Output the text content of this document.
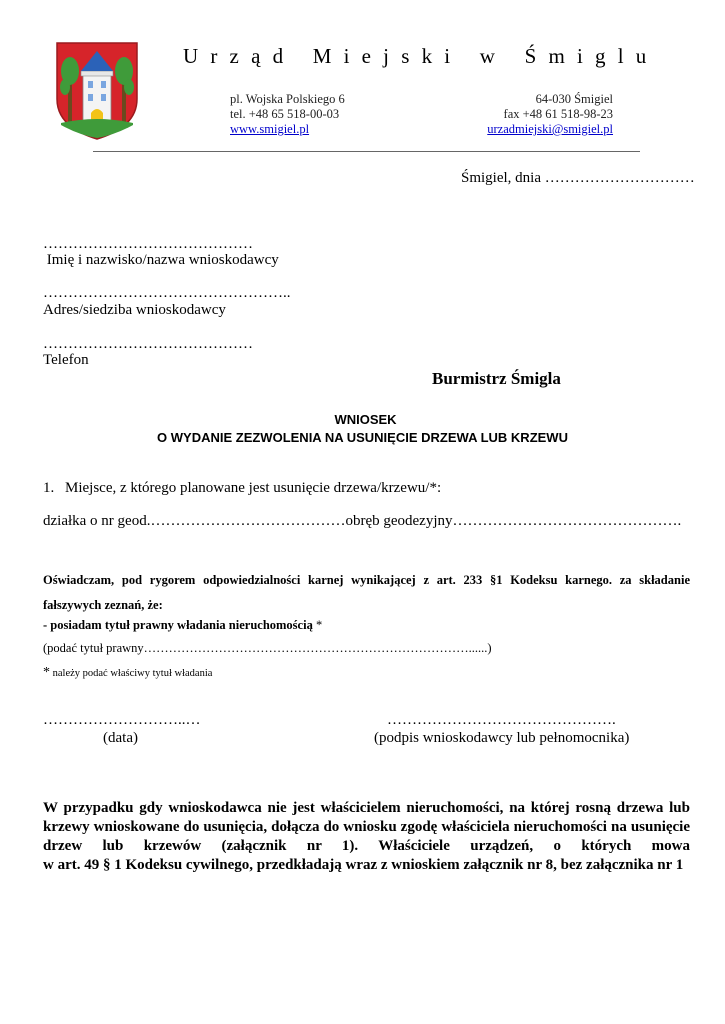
Urząd Miejski w Śmiglu
pl. Wojska Polskiego 6
tel. +48 65 518-00-03
www.smigiel.pl
64-030 Śmigiel
fax +48 61 518-98-23
urzadmiejski@smigiel.pl
Śmigiel, dnia …………………………
……………………………………
Imię i nazwisko/nazwa wnioskodawcy
…………………………………………..
Adres/siedziba wnioskodawcy
……………………………………
Telefon
Burmistrz Śmigla
WNIOSEK
O WYDANIE ZEZWOLENIA NA USUNIĘCIE DRZEWA LUB KRZEWU
1. Miejsce, z którego planowane jest usunięcie drzewa/krzewu/*:
działka o nr geod.…………………………………obręb geodezyjny……………………………………….
Oświadczam, pod rygorem odpowiedzialności karnej wynikającej z art. 233 §1 Kodeksu karnego. za składanie
fałszywych zeznań, że:
- posiadam tytuł prawny władania nieruchomością *
(podać tytuł prawny……………………………………………………………………......)
* należy podać właściwy tytuł władania
………………………..…
(data)
……………………………………….
(podpis wnioskodawcy lub pełnomocnika)
W przypadku gdy wnioskodawca nie jest właścicielem nieruchomości, na której rosną drzewa lub
krzewy wnioskowane do usunięcia, dołącza do wniosku zgodę właściciela nieruchomości na usunięcie
drzew lub krzewów (załącznik nr 1). Właściciele urządzeń, o których mowa
w art. 49 § 1 Kodeksu cywilnego, przedkładają wraz z wnioskiem załącznik nr 8, bez załącznika nr 1
